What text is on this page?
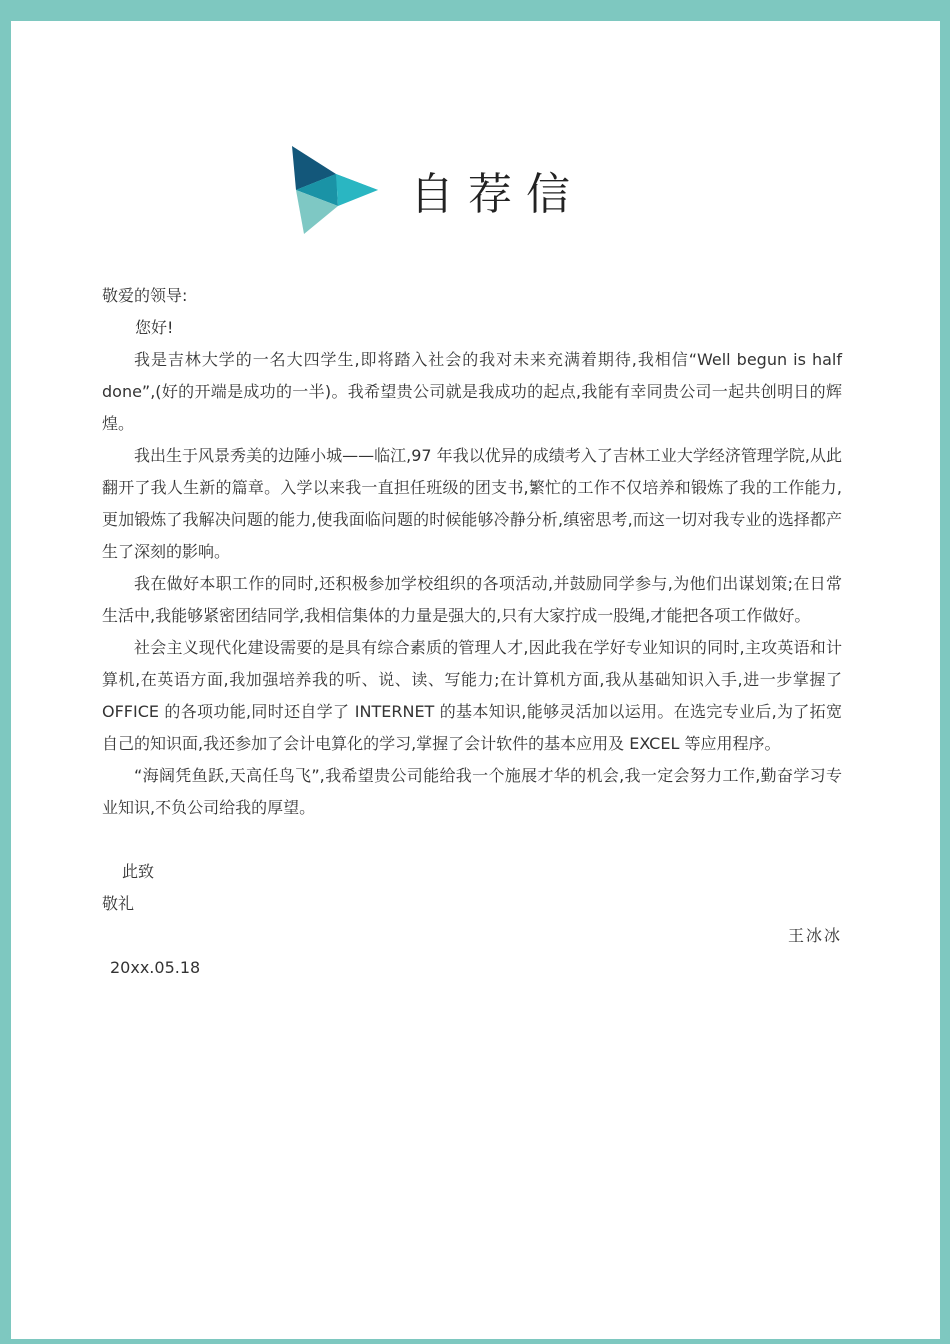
自荐信

敬爱的领导:

您好!

我是吉林大学的一名大四学生,即将踏入社会的我对未来充满着期待,我相信“Well begun is half done”,(好的开端是成功的一半)。我希望贵公司就是我成功的起点,我能有幸同贵公司一起共创明日的辉煌。

我出生于风景秀美的边陲小城——临江,97 年我以优异的成绩考入了吉林工业大学经济管理学院,从此翻开了我人生新的篇章。入学以来我一直担任班级的团支书,繁忙的工作不仅培养和锻炼了我的工作能力,更加锻炼了我解决问题的能力,使我面临问题的时候能够冷静分析,缜密思考,而这一切对我专业的选择都产生了深刻的影响。

我在做好本职工作的同时,还积极参加学校组织的各项活动,并鼓励同学参与,为他们出谋划策;在日常生活中,我能够紧密团结同学,我相信集体的力量是强大的,只有大家拧成一股绳,才能把各项工作做好。

社会主义现代化建设需要的是具有综合素质的管理人才,因此我在学好专业知识的同时,主攻英语和计算机,在英语方面,我加强培养我的听、说、读、写能力;在计算机方面,我从基础知识入手,进一步掌握了 OFFICE 的各项功能,同时还自学了 INTERNET 的基本知识,能够灵活加以运用。在选完专业后,为了拓宽自己的知识面,我还参加了会计电算化的学习,掌握了会计软件的基本应用及 EXCEL 等应用程序。

“海阔凭鱼跃,天高任鸟飞”,我希望贵公司能给我一个施展才华的机会,我一定会努力工作,勤奋学习专业知识,不负公司给我的厚望。

此致

敬礼

王冰冰

20xx.05.18
